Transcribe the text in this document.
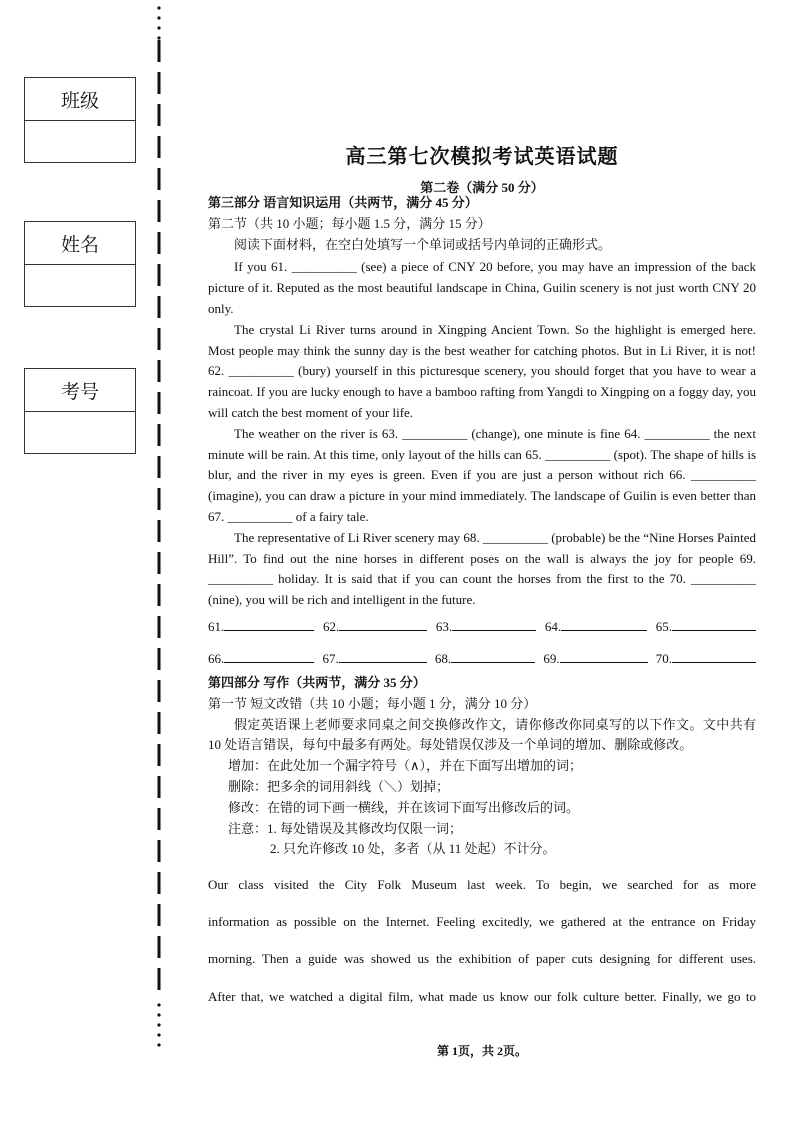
班级
姓名
考号
高三第七次模拟考试英语试题
第二卷（满分 50 分）
第三部分 语言知识运用（共两节，满分 45 分）
第二节（共 10 小题；每小题 1.5 分，满分 15 分）
阅读下面材料，在空白处填写一个单词或括号内单词的正确形式。

If you 61. __________ (see) a piece of CNY 20 before, you may have an impression of the back picture of it. Reputed as the most beautiful landscape in China, Guilin scenery is not just worth CNY 20 only.

The crystal Li River turns around in Xingping Ancient Town. So the highlight is emerged here. Most people may think the sunny day is the best weather for catching photos. But in Li River, it is not! 62. __________ (bury) yourself in this picturesque scenery, you should forget that you have to wear a raincoat. If you are lucky enough to have a bamboo rafting from Yangdi to Xingping on a foggy day, you will catch the best moment of your life.

The weather on the river is 63. __________ (change), one minute is fine 64. __________ the next minute will be rain. At this time, only layout of the hills can 65. __________ (spot). The shape of hills is blur, and the river in my eyes is green. Even if you are just a person without rich 66. __________ (imagine), you can draw a picture in your mind immediately. The landscape of Guilin is even better than 67. __________ of a fairy tale.

The representative of Li River scenery may 68. __________ (probable) be the “Nine Horses Painted Hill”. To find out the nine horses in different poses on the wall is always the joy for people 69. __________ holiday. It is said that if you can count the horses from the first to the 70. __________ (nine), you will be rich and intelligent in the future.

61.	62.	63.	64.	65.
66.	67.	68.	69.	70.
第四部分 写作（共两节，满分 35 分）
第一节 短文改错（共 10 小题；每小题 1 分，满分 10 分）

假定英语课上老师要求同桌之间交换修改作文，请你修改你同桌写的以下作文。文中共有 10 处语言错误，每句中最多有两处。每处错误仅涉及一个单词的增加、删除或修改。

增加：在此处加一个漏字符号（∧），并在下面写出增加的词；

删除：把多余的词用斜线（＼）划掉；

修改：在错的词下画一横线，并在该词下面写出修改后的词。

注意：1. 每处错误及其修改均仅限一词；

2. 只允许修改 10 处，多者（从 11 处起）不计分。

Our class visited the City Folk Museum last week. To begin, we searched for as more

information as possible on the Internet. Feeling excitedly, we gathered at the entrance on Friday

morning. Then a guide was showed us the exhibition of paper cuts designing for different uses.

After that, we watched a digital film, what made us know our folk culture better. Finally, we go to

第 1页，共 2页。
